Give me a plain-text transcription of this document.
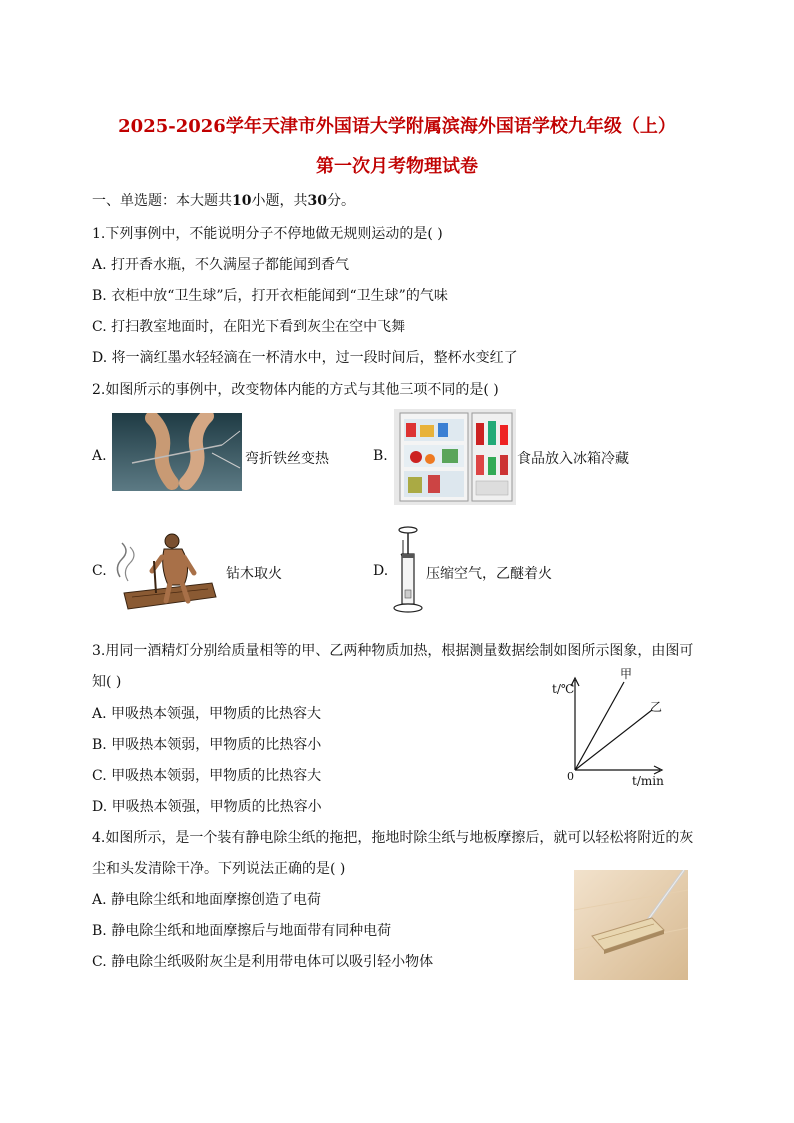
2025-2026学年天津市外国语大学附属滨海外国语学校九年级（上）
第一次月考物理试卷
一、单选题：本大题共10小题，共30分。
1.下列事例中，不能说明分子不停地做无规则运动的是( )
A. 打开香水瓶，不久满屋子都能闻到香气
B. 衣柜中放“卫生球”后，打开衣柜能闻到“卫生球”的气味
C. 打扫教室地面时，在阳光下看到灰尘在空中飞舞
D. 将一滴红墨水轻轻滴在一杯清水中，过一段时间后，整杯水变红了
2.如图所示的事例中，改变物体内能的方式与其他三项不同的是( )
A.	弯折铁丝变热	B.	食品放入冰箱冷藏
C.	钻木取火	D.	压缩空气，乙醚着火
3.用同一酒精灯分别给质量相等的甲、乙两种物质加热，根据测量数据绘制如图所示图象，由图可
知( )
A. 甲吸热本领强，甲物质的比热容大
B. 甲吸热本领弱，甲物质的比热容小
C. 甲吸热本领弱，甲物质的比热容大
D. 甲吸热本领强，甲物质的比热容小
t/℃
t/min
0
甲
乙
4.如图所示，是一个装有静电除尘纸的拖把，拖地时除尘纸与地板摩擦后，就可以轻松将附近的灰
尘和头发清除干净。下列说法正确的是( )
A. 静电除尘纸和地面摩擦创造了电荷
B. 静电除尘纸和地面摩擦后与地面带有同种电荷
C. 静电除尘纸吸附灰尘是利用带电体可以吸引轻小物体
